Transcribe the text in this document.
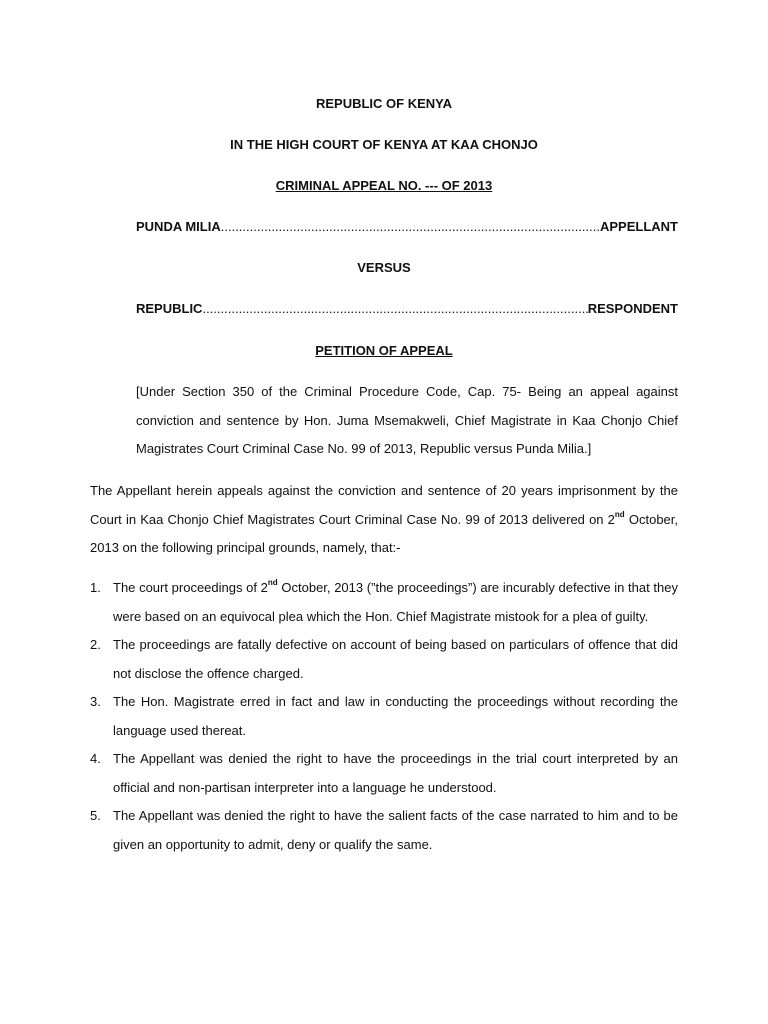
REPUBLIC OF KENYA
IN THE HIGH COURT OF KENYA AT KAA CHONJO
CRIMINAL APPEAL NO. --- OF 2013
PUNDA MILIA .....	APPELLANT
VERSUS
REPUBLIC .....	RESPONDENT
PETITION OF APPEAL

[Under Section 350 of the Criminal Procedure Code, Cap. 75- Being an appeal against conviction and sentence by Hon. Juma Msemakweli, Chief Magistrate in Kaa Chonjo Chief Magistrates Court Criminal Case No. 99 of 2013, Republic versus Punda Milia.]

The Appellant herein appeals against the conviction and sentence of 20 years imprisonment by the Court in Kaa Chonjo Chief Magistrates Court Criminal Case No. 99 of 2013 delivered on 2nd October, 2013 on the following principal grounds, namely, that:-

1. The court proceedings of 2nd October, 2013 (”the proceedings”) are incurably defective in that they were based on an equivocal plea which the Hon. Chief Magistrate mistook for a plea of guilty.
2. The proceedings are fatally defective on account of being based on particulars of offence that did not disclose the offence charged.
3. The Hon. Magistrate erred in fact and law in conducting the proceedings without recording the language used thereat.
4. The Appellant was denied the right to have the proceedings in the trial court interpreted by an official and non-partisan interpreter into a language he understood.
5. The Appellant was denied the right to have the salient facts of the case narrated to him and to be given an opportunity to admit, deny or qualify the same.
